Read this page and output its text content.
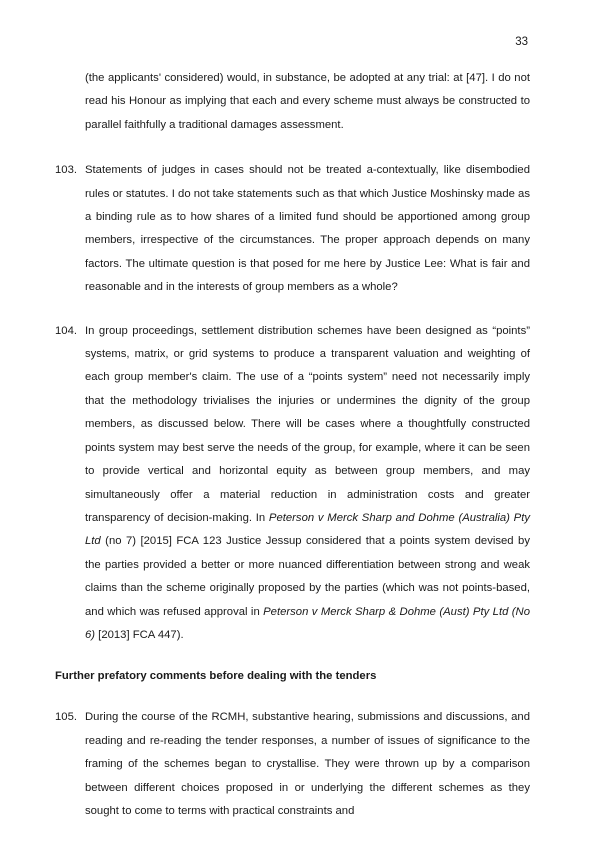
33

(the applicants' considered) would, in substance, be adopted at any trial: at [47]. I do not read his Honour as implying that each and every scheme must always be constructed to parallel faithfully a traditional damages assessment.

103. Statements of judges in cases should not be treated a-contextually, like disembodied rules or statutes. I do not take statements such as that which Justice Moshinsky made as a binding rule as to how shares of a limited fund should be apportioned among group members, irrespective of the circumstances. The proper approach depends on many factors. The ultimate question is that posed for me here by Justice Lee: What is fair and reasonable and in the interests of group members as a whole?

104. In group proceedings, settlement distribution schemes have been designed as “points” systems, matrix, or grid systems to produce a transparent valuation and weighting of each group member's claim. The use of a “points system” need not necessarily imply that the methodology trivialises the injuries or undermines the dignity of the group members, as discussed below. There will be cases where a thoughtfully constructed points system may best serve the needs of the group, for example, where it can be seen to provide vertical and horizontal equity as between group members, and may simultaneously offer a material reduction in administration costs and greater transparency of decision-making. In Peterson v Merck Sharp and Dohme (Australia) Pty Ltd (no 7) [2015] FCA 123 Justice Jessup considered that a points system devised by the parties provided a better or more nuanced differentiation between strong and weak claims than the scheme originally proposed by the parties (which was not points-based, and which was refused approval in Peterson v Merck Sharp & Dohme (Aust) Pty Ltd (No 6) [2013] FCA 447).

Further prefatory comments before dealing with the tenders

105. During the course of the RCMH, substantive hearing, submissions and discussions, and reading and re-reading the tender responses, a number of issues of significance to the framing of the schemes began to crystallise. They were thrown up by a comparison between different choices proposed in or underlying the different schemes as they sought to come to terms with practical constraints and
